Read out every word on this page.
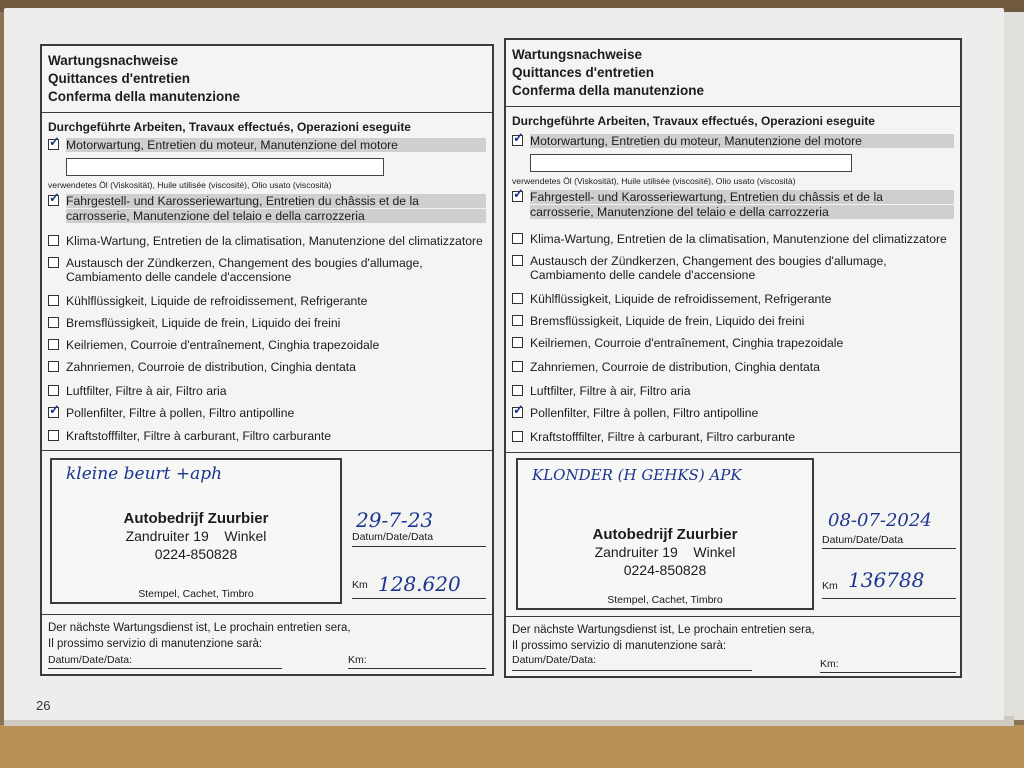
Wartungsnachweise
Quittances d'entretien
Conferma della manutenzione
Durchgeführte Arbeiten, Travaux effectués, Operazioni eseguite
✓
Motorwartung, Entretien du moteur, Manutenzione del motore
verwendetes Öl (Viskosität), Huile utilisée (viscosité), Olio usato (viscosità)
✓
Fahrgestell- und Karosseriewartung, Entretien du châssis et de la
carrosserie, Manutenzione del telaio e della carrozzeria
Klima-Wartung, Entretien de la climatisation, Manutenzione del climatizzatore
Austausch der Zündkerzen, Changement des bougies d'allumage,
Cambiamento delle candele d'accensione
Kühlflüssigkeit, Liquide de refroidissement, Refrigerante
Bremsflüssigkeit, Liquide de frein, Liquido dei freini
Keilriemen, Courroie d'entraînement, Cinghia trapezoidale
Zahnriemen, Courroie de distribution, Cinghia dentata
Luftfilter, Filtre à air, Filtro aria
✓
Pollenfilter, Filtre à pollen, Filtro antipolline
Kraftstofffilter, Filtre à carburant, Filtro carburante
kleine beurt +aph
Autobedrijf Zuurbier
Zandruiter 19 Winkel
0224-850828
Stempel, Cachet, Timbro
29-7-23
Datum/Date/Data
Km 128.620
Der nächste Wartungsdienst ist, Le prochain entretien sera,
Il prossimo servizio di manutenzione sarà:
Datum/Date/Data:	Km:
Wartungsnachweise
Quittances d'entretien
Conferma della manutenzione
Durchgeführte Arbeiten, Travaux effectués, Operazioni eseguite
✓
Motorwartung, Entretien du moteur, Manutenzione del motore
verwendetes Öl (Viskosität), Huile utilisée (viscosité), Olio usato (viscosità)
✓
Fahrgestell- und Karosseriewartung, Entretien du châssis et de la
carrosserie, Manutenzione del telaio e della carrozzeria
Klima-Wartung, Entretien de la climatisation, Manutenzione del climatizzatore
Austausch der Zündkerzen, Changement des bougies d'allumage,
Cambiamento delle candele d'accensione
Kühlflüssigkeit, Liquide de refroidissement, Refrigerante
Bremsflüssigkeit, Liquide de frein, Liquido dei freini
Keilriemen, Courroie d'entraînement, Cinghia trapezoidale
Zahnriemen, Courroie de distribution, Cinghia dentata
Luftfilter, Filtre à air, Filtro aria
✓
Pollenfilter, Filtre à pollen, Filtro antipolline
Kraftstofffilter, Filtre à carburant, Filtro carburante
KLONDER (H GEHKS) APK
Autobedrijf Zuurbier
Zandruiter 19 Winkel
0224-850828
Stempel, Cachet, Timbro
08-07-2024
Datum/Date/Data
Km 136788
Der nächste Wartungsdienst ist, Le prochain entretien sera,
Il prossimo servizio di manutenzione sarà:
Datum/Date/Data:	Km:
26
